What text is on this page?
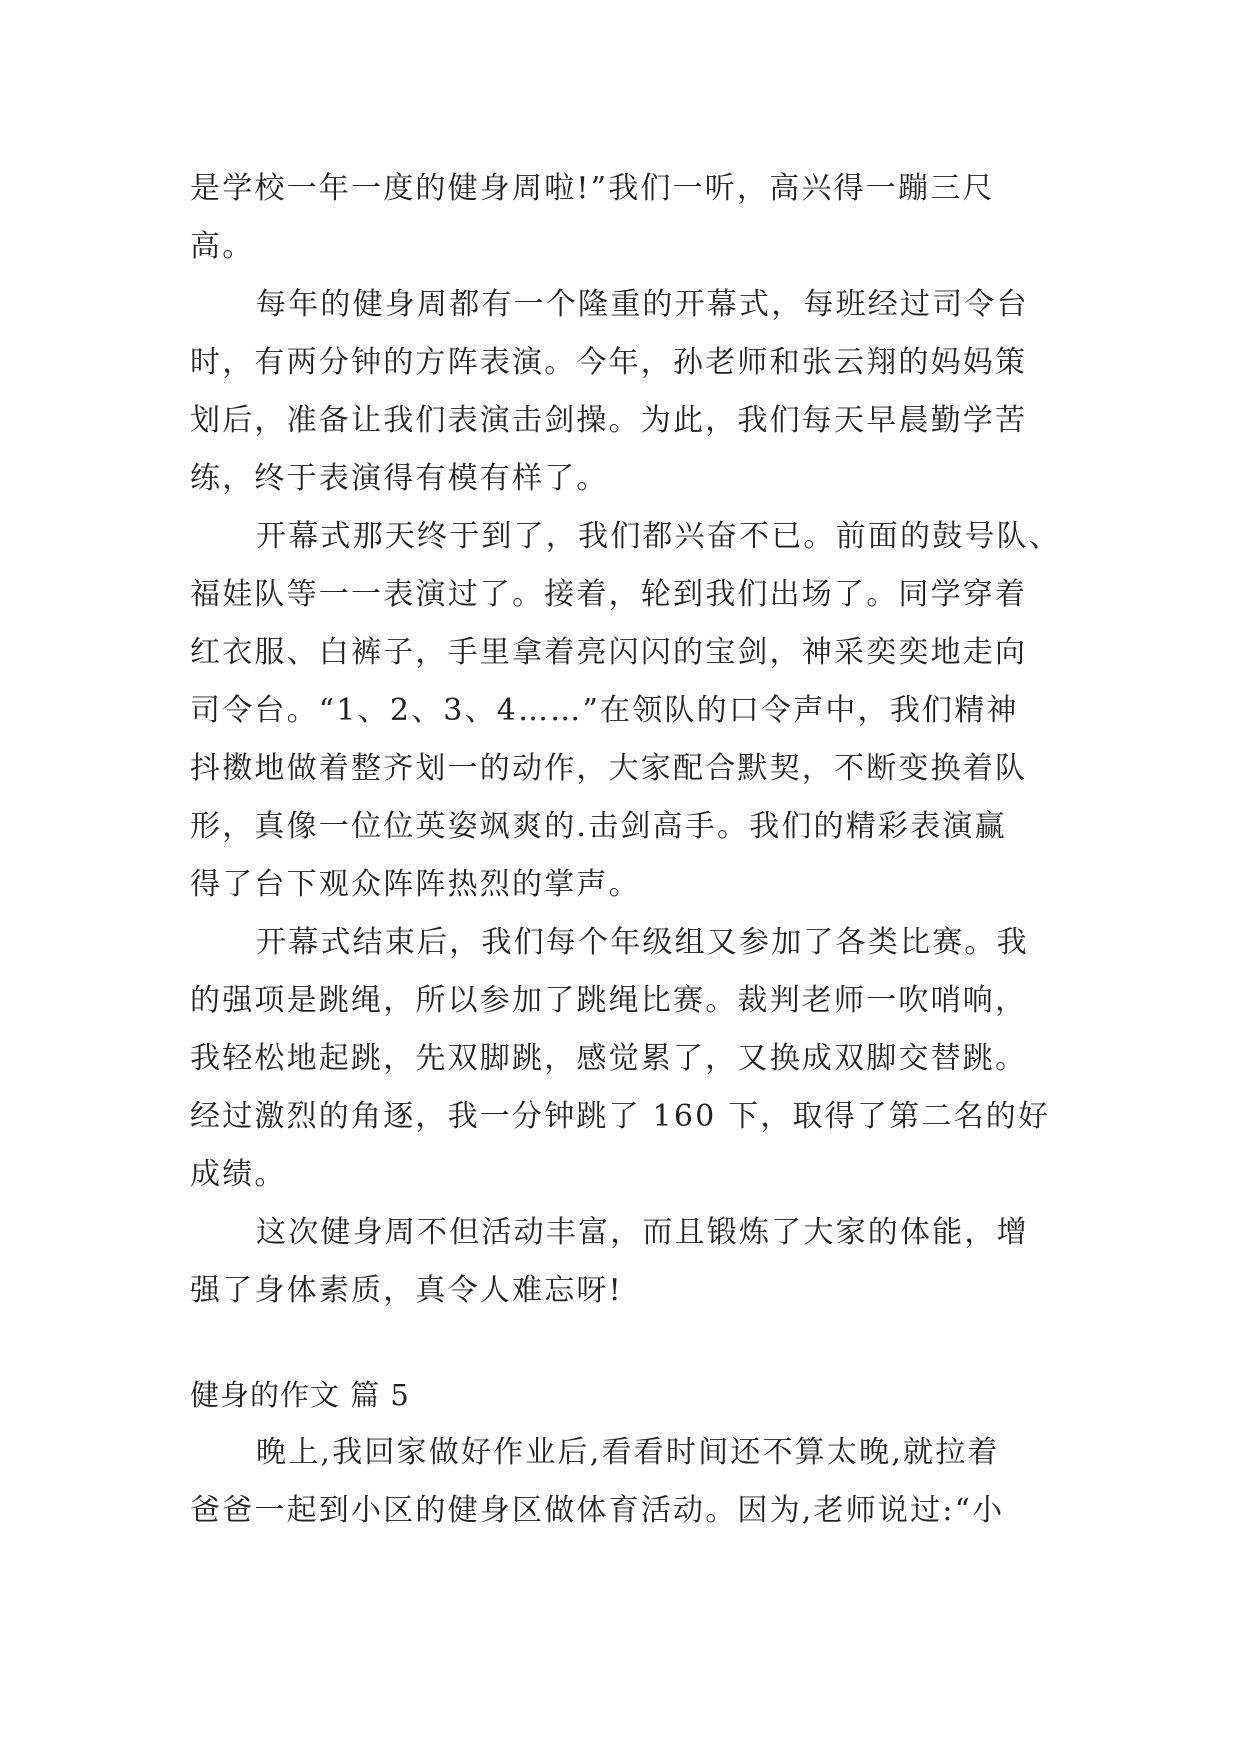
是学校一年一度的健身周啦!”我们一听，高兴得一蹦三尺
高。
每年的健身周都有一个隆重的开幕式，每班经过司令台
时，有两分钟的方阵表演。今年，孙老师和张云翔的妈妈策
划后，准备让我们表演击剑操。为此，我们每天早晨勤学苦
练，终于表演得有模有样了。
开幕式那天终于到了，我们都兴奋不已。前面的鼓号队、
福娃队等一一表演过了。接着，轮到我们出场了。同学穿着
红衣服、白裤子，手里拿着亮闪闪的宝剑，神采奕奕地走向
司令台。“1、2、3、4……”在领队的口令声中，我们精神
抖擞地做着整齐划一的动作，大家配合默契，不断变换着队
形，真像一位位英姿飒爽的.击剑高手。我们的精彩表演赢
得了台下观众阵阵热烈的掌声。
开幕式结束后，我们每个年级组又参加了各类比赛。我
的强项是跳绳，所以参加了跳绳比赛。裁判老师一吹哨响，
我轻松地起跳，先双脚跳，感觉累了，又换成双脚交替跳。
经过激烈的角逐，我一分钟跳了 160 下，取得了第二名的好
成绩。
这次健身周不但活动丰富，而且锻炼了大家的体能，增
强了身体素质，真令人难忘呀!
健身的作文 篇 5
晚上,我回家做好作业后,看看时间还不算太晚,就拉着
爸爸一起到小区的健身区做体育活动。因为,老师说过:“小
